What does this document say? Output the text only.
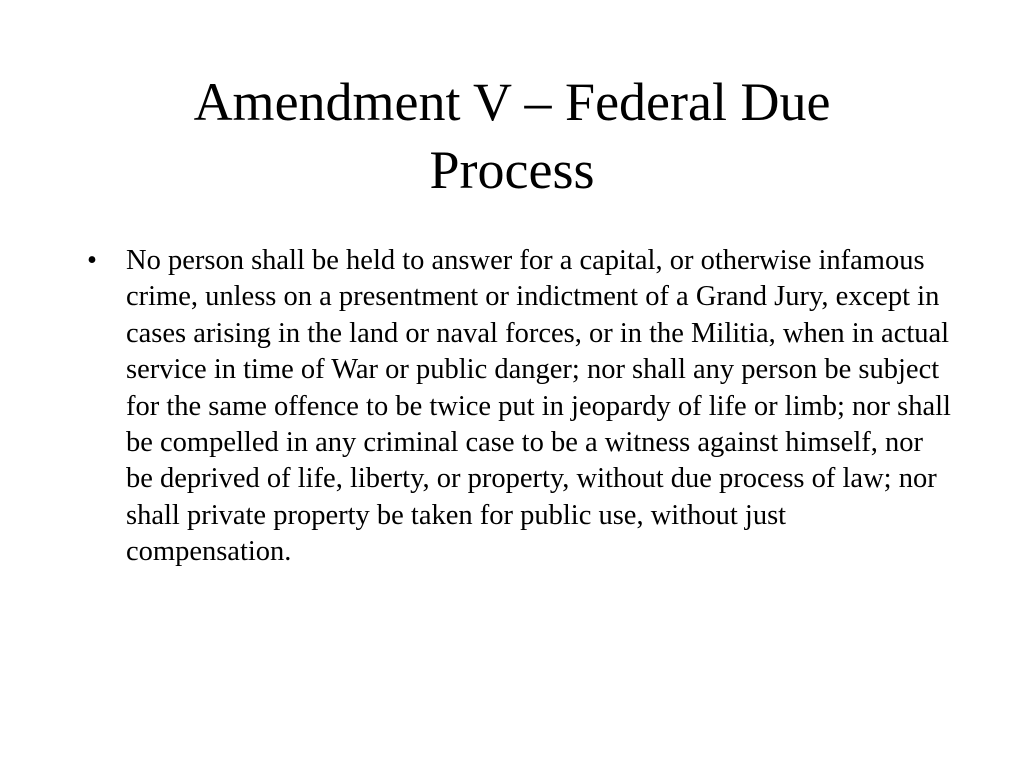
Amendment V – Federal Due Process
• No person shall be held to answer for a capital, or otherwise infamous crime, unless on a presentment or indictment of a Grand Jury, except in cases arising in the land or naval forces, or in the Militia, when in actual service in time of War or public danger; nor shall any person be subject for the same offence to be twice put in jeopardy of life or limb; nor shall be compelled in any criminal case to be a witness against himself, nor be deprived of life, liberty, or property, without due process of law; nor shall private property be taken for public use, without just compensation.
